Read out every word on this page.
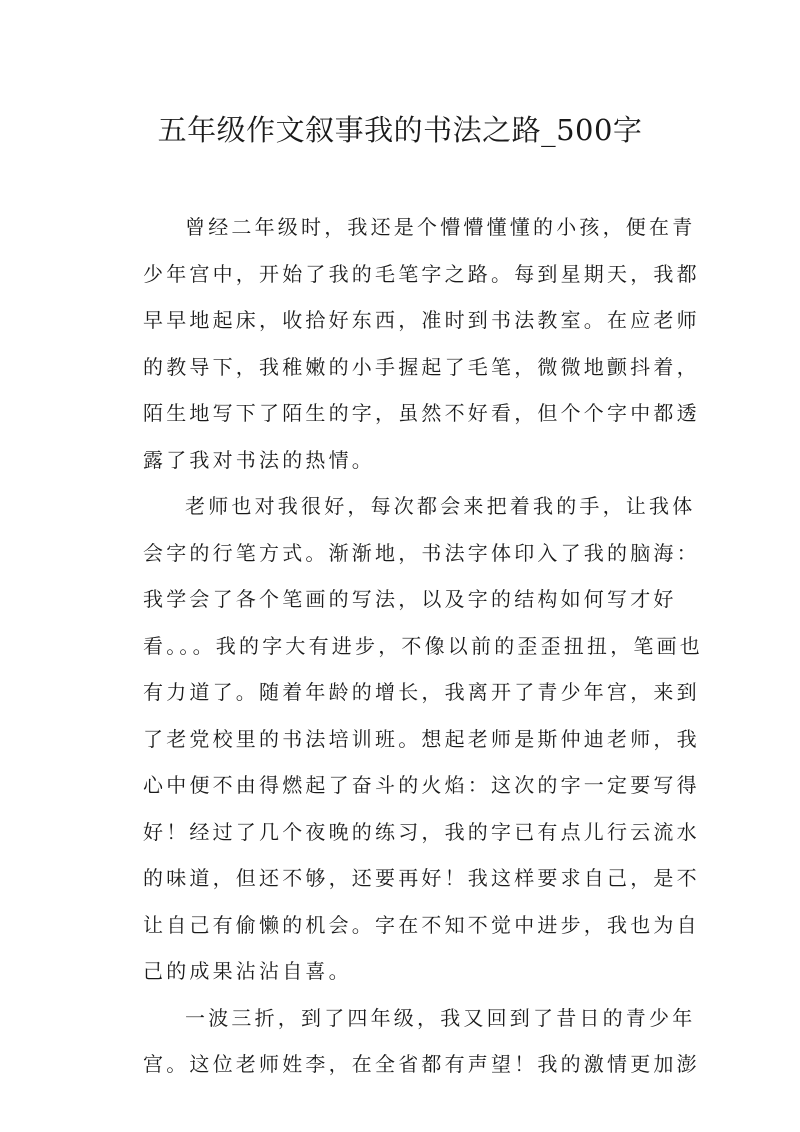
五年级作文叙事我的书法之路_500字
曾经二年级时，我还是个懵懵懂懂的小孩，便在青
少年宫中，开始了我的毛笔字之路。每到星期天，我都
早早地起床，收拾好东西，准时到书法教室。在应老师
的教导下，我稚嫩的小手握起了毛笔，微微地颤抖着，
陌生地写下了陌生的字，虽然不好看，但个个字中都透
露了我对书法的热情。
老师也对我很好，每次都会来把着我的手，让我体
会字的行笔方式。渐渐地，书法字体印入了我的脑海：
我学会了各个笔画的写法，以及字的结构如何写才好
看。。。我的字大有进步，不像以前的歪歪扭扭，笔画也
有力道了。随着年龄的增长，我离开了青少年宫，来到
了老党校里的书法培训班。想起老师是斯仲迪老师，我
心中便不由得燃起了奋斗的火焰：这次的字一定要写得
好！经过了几个夜晚的练习，我的字已有点儿行云流水
的味道，但还不够，还要再好！我这样要求自己，是不
让自己有偷懒的机会。字在不知不觉中进步，我也为自
己的成果沾沾自喜。
一波三折，到了四年级，我又回到了昔日的青少年
宫。这位老师姓李，在全省都有声望！我的激情更加澎
